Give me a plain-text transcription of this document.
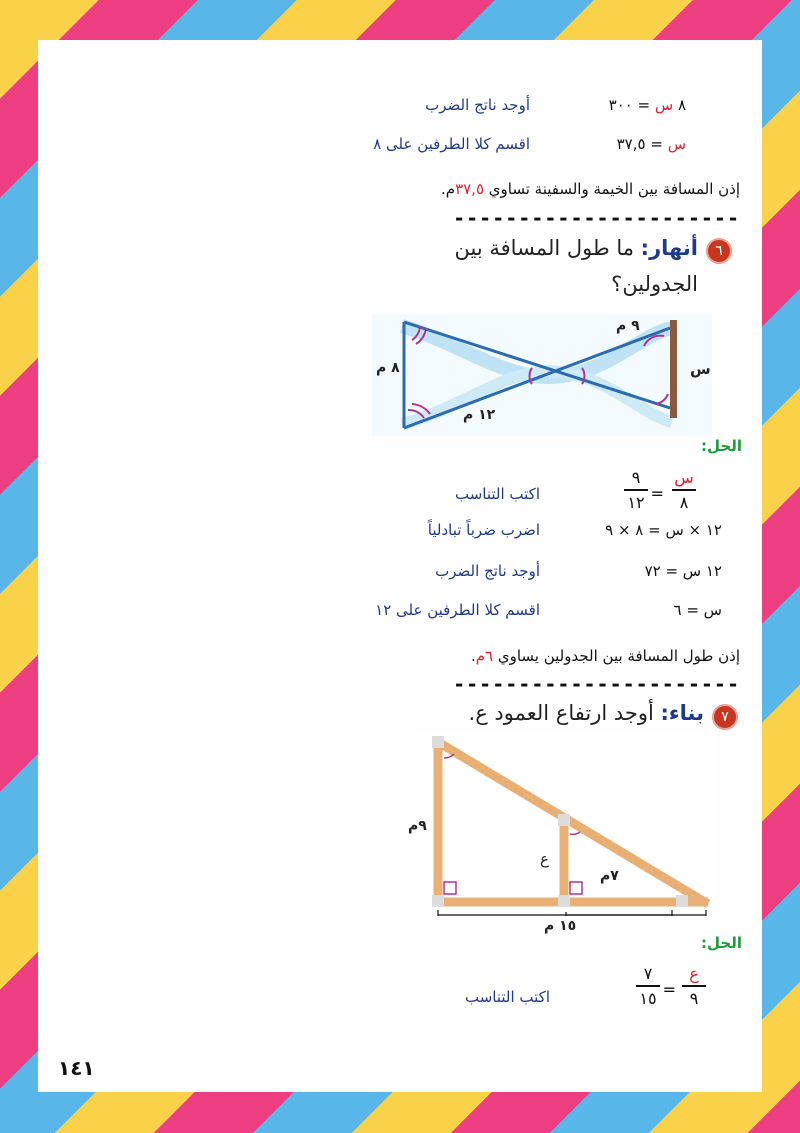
٨ س = ٣٠٠
أوجد ناتج الضرب
س = ٣٧,٥
اقسم كلا الطرفين على ٨
إذن المسافة بين الخيمة والسفينة تساوي ٣٧,٥م.
----------------------
٦
أنهار: ما طول المسافة بين
الجدولين؟
٨ م
١٢ م
٩ م
س
الحل:
س
٨
=
٩
١٢
اكتب التناسب
١٢ × س = ٨ × ٩
اضرب ضرباً تبادلياً
١٢ س = ٧٢
أوجد ناتج الضرب
س = ٦
اقسم كلا الطرفين على ١٢
إذن طول المسافة بين الجدولين يساوي ٦م.
----------------------
٧
بناء: أوجد ارتفاع العمود ع.
٩م
ع
٧م
١٥ م
الحل:
ع
٩
=
٧
١٥
اكتب التناسب
١٤١
